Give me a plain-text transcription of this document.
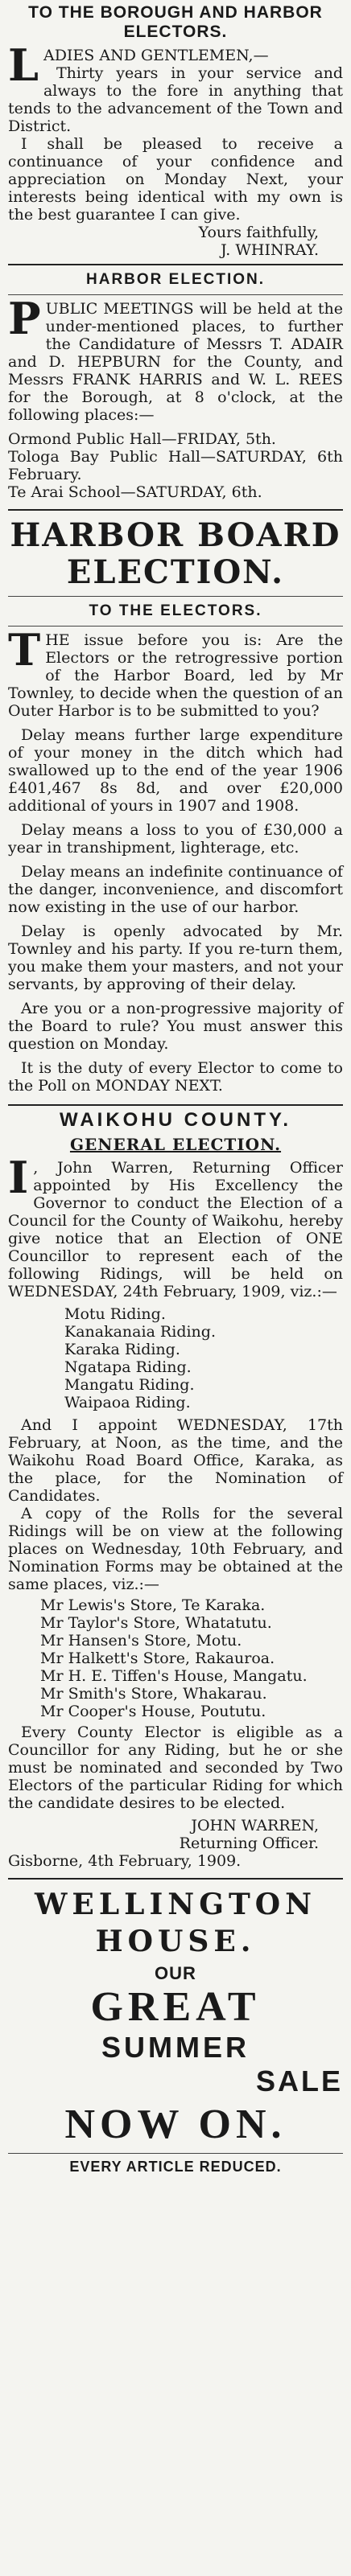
TO THE BOROUGH AND HARBOR ELECTORS.
L ADIES AND GENTLEMEN,—

Thirty years in your service and always to the fore in anything that tends to the advancement of the Town and District.

I shall be pleased to receive a continuance of your confidence and appreciation on Monday Next, your interests being identical with my own is the best guarantee I can give.

Yours faithfully,
J. WHINRAY.
HARBOR ELECTION.
P UBLIC MEETINGS will be held at the under-mentioned places, to further the Candidature of Messrs T. ADAIR and D. HEPBURN for the County, and Messrs FRANK HARRIS and W. L. REES for the Borough, at 8 o'clock, at the following places:—

Ormond Public Hall—FRIDAY, 5th.

Tologa Bay Public Hall—SATURDAY, 6th February.

Te Arai School—SATURDAY, 6th.

HARBOR BOARD ELECTION.
TO THE ELECTORS.
T HE issue before you is: Are the Electors or the retrogressive portion of the Harbor Board, led by Mr Townley, to decide when the question of an Outer Harbor is to be submitted to you?

Delay means further large expenditure of your money in the ditch which had swallowed up to the end of the year 1906 £401,467 8s 8d, and over £20,000 additional of yours in 1907 and 1908.

Delay means a loss to you of £30,000 a year in transhipment, lighterage, etc.

Delay means an indefinite continuance of the danger, inconvenience, and discomfort now existing in the use of our harbor.

Delay is openly advocated by Mr. Townley and his party. If you re-turn them, you make them your masters, and not your servants, by approving of their delay.

Are you or a non-progressive majority of the Board to rule? You must answer this question on Monday.

It is the duty of every Elector to come to the Poll on MONDAY NEXT.

WAIKOHU COUNTY.
GENERAL ELECTION.
I , John Warren, Returning Officer appointed by His Excellency the Governor to conduct the Election of a Council for the County of Waikohu, hereby give notice that an Election of ONE Councillor to represent each of the following Ridings, will be held on WEDNESDAY, 24th February, 1909, viz.:—

Motu Riding.
Kanakanaia Riding.
Karaka Riding.
Ngatapa Riding.
Mangatu Riding.
Waipaoa Riding.

And I appoint WEDNESDAY, 17th February, at Noon, as the time, and the Waikohu Road Board Office, Karaka, as the place, for the Nomination of Candidates.

A copy of the Rolls for the several Ridings will be on view at the following places on Wednesday, 10th February, and Nomination Forms may be obtained at the same places, viz.:—

Mr Lewis's Store, Te Karaka.
Mr Taylor's Store, Whatatutu.
Mr Hansen's Store, Motu.
Mr Halkett's Store, Rakauroa.
Mr H. E. Tiffen's House, Mangatu.
Mr Smith's Store, Whakarau.
Mr Cooper's House, Poututu.

Every County Elector is eligible as a Councillor for any Riding, but he or she must be nominated and seconded by Two Electors of the particular Riding for which the candidate desires to be elected.

JOHN WARREN,
Returning Officer.

Gisborne, 4th February, 1909.

WELLINGTON HOUSE.
OUR
GREAT
SUMMER
SALE
NOW ON.
EVERY ARTICLE REDUCED.
